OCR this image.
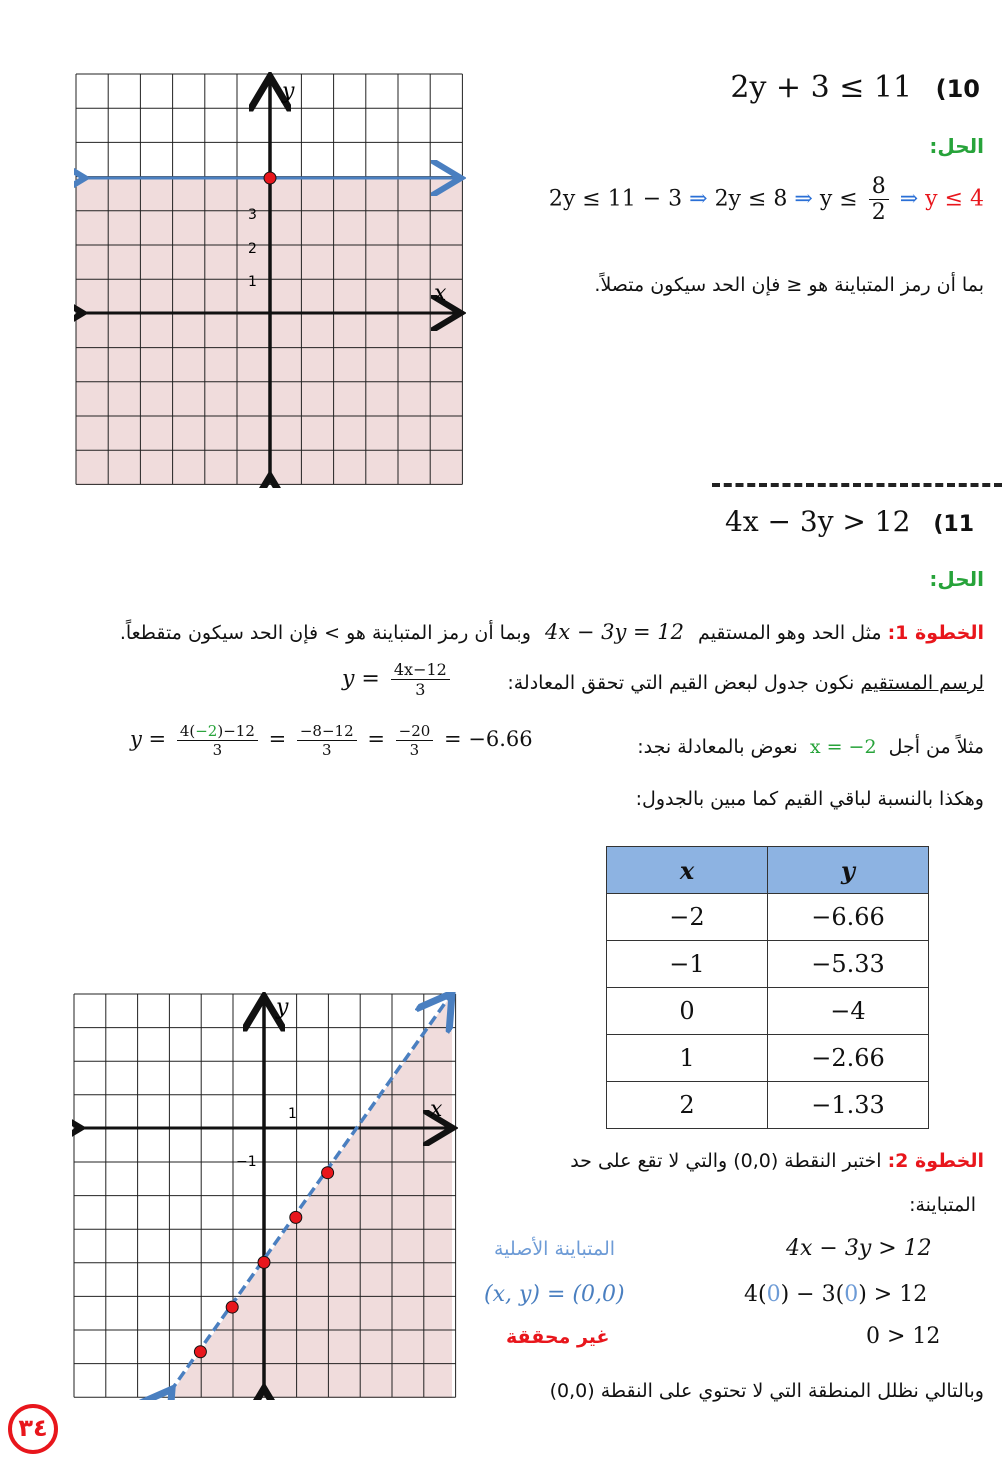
2y + 3 ≤ 11 (10
الحل:
2y ≤ 11 − 3 ⇒ 2y ≤ 8 ⇒ $y \le \frac{8}{2}$ ⇒ y ≤ 4
بما أن رمز المتباينة هو ≤ فإن الحد سيكون متصلاً.
y
x
3
2
1
4x − 3y > 12 (11
الحل:
الخطوة 1: مثل الحد وهو المستقيم 4x − 3y = 12 وبما أن رمز المتباينة هو > فإن الحد سيكون متقطعاً.
لرسم المستقيم نكون جدول لبعض القيم التي تحقق المعادلة:
$y = \frac{4x-12}{3}$
مثلاً من أجل x = −2 نعوض بالمعادلة نجد:
$y = \frac{4(-2)-12}{3} = \frac{-8-12}{3} = \frac{-20}{3} = -6.66$
وهكذا بالنسبة لباقي القيم كما مبين بالجدول:
x	y
−2	−6.66
−1	−5.33
0	−4
1	−2.66
2	−1.33
y
x
1
−1	الخطوة 2: اختبر النقطة (0,0) والتي لا تقع على حد
المتباينة:
4x − 3y > 12
المتباينة الأصلية
4(0) − 3(0) > 12
(x, y) = (0,0)
0 > 12
غير محققة
وبالتالي نظلل المنطقة التي لا تحتوي على النقطة (0,0)
٣٤
